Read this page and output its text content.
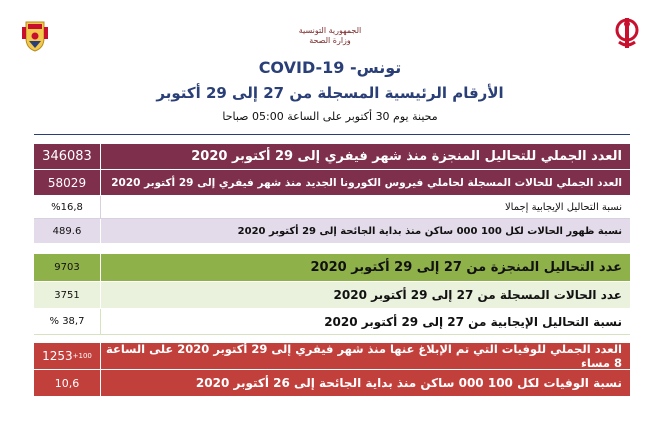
الجمهورية التونسية
وزارة الصحة
COVID-19 -تونس
الأرقام الرئيسية المسجلة من 27 إلى 29 أكتوبر
محينة يوم 30 أكتوبر على الساعة 05:00 صباحا
346083	العدد الجملي للتحاليل المنجزة منذ شهر فيفري إلى 29 أكتوبر 2020
58029	العدد الجملي للحالات المسجلة لحاملي فيروس الكورونا الجديد منذ شهر فيفري إلى 29 أكتوبر 2020
%16,8	نسبة التحاليل الإيجابية إجمالا
489.6	نسبة ظهور الحالات لكل 100 000 ساكن منذ بداية الجائحة إلى 29 أكتوبر 2020
9703	عدد التحاليل المنجزة من 27 إلى 29 أكتوبر 2020
3751	عدد الحالات المسجلة من 27 إلى 29 أكتوبر 2020
% 38,7	نسبة التحاليل الإيجابية من 27 إلى 29 أكتوبر 2020
1253 +100	العدد الجملي للوفيات التي تم الإبلاغ عنها منذ شهر فيفري إلى 29 أكتوبر 2020 على الساعة 8 مساء
10,6	نسبة الوفيات لكل 100 000 ساكن منذ بداية الجائحة إلى 26 أكتوبر 2020
